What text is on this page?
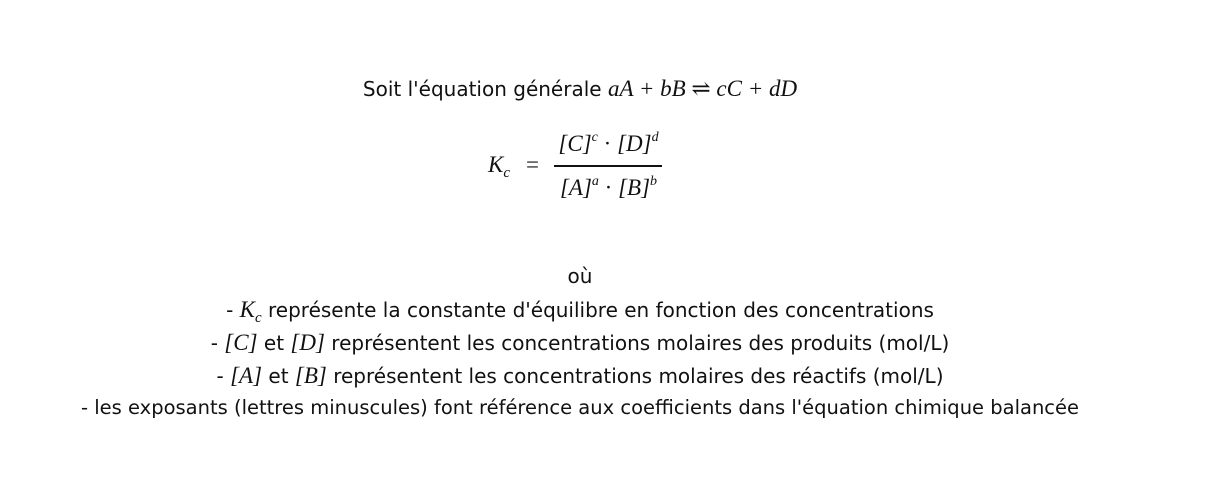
Soit l'équation générale aA + bB ⇌ cC + dD
$K_c$ =
$[C]^c \cdot [D]^d$
$[A]^a \cdot [B]^b$
où
- $K_c$ représente la constante d'équilibre en fonction des concentrations
- [C] et [D] représentent les concentrations molaires des produits (mol/L)
- [A] et [B] représentent les concentrations molaires des réactifs (mol/L)
- les exposants (lettres minuscules) font référence aux coefficients dans l'équation chimique balancée
